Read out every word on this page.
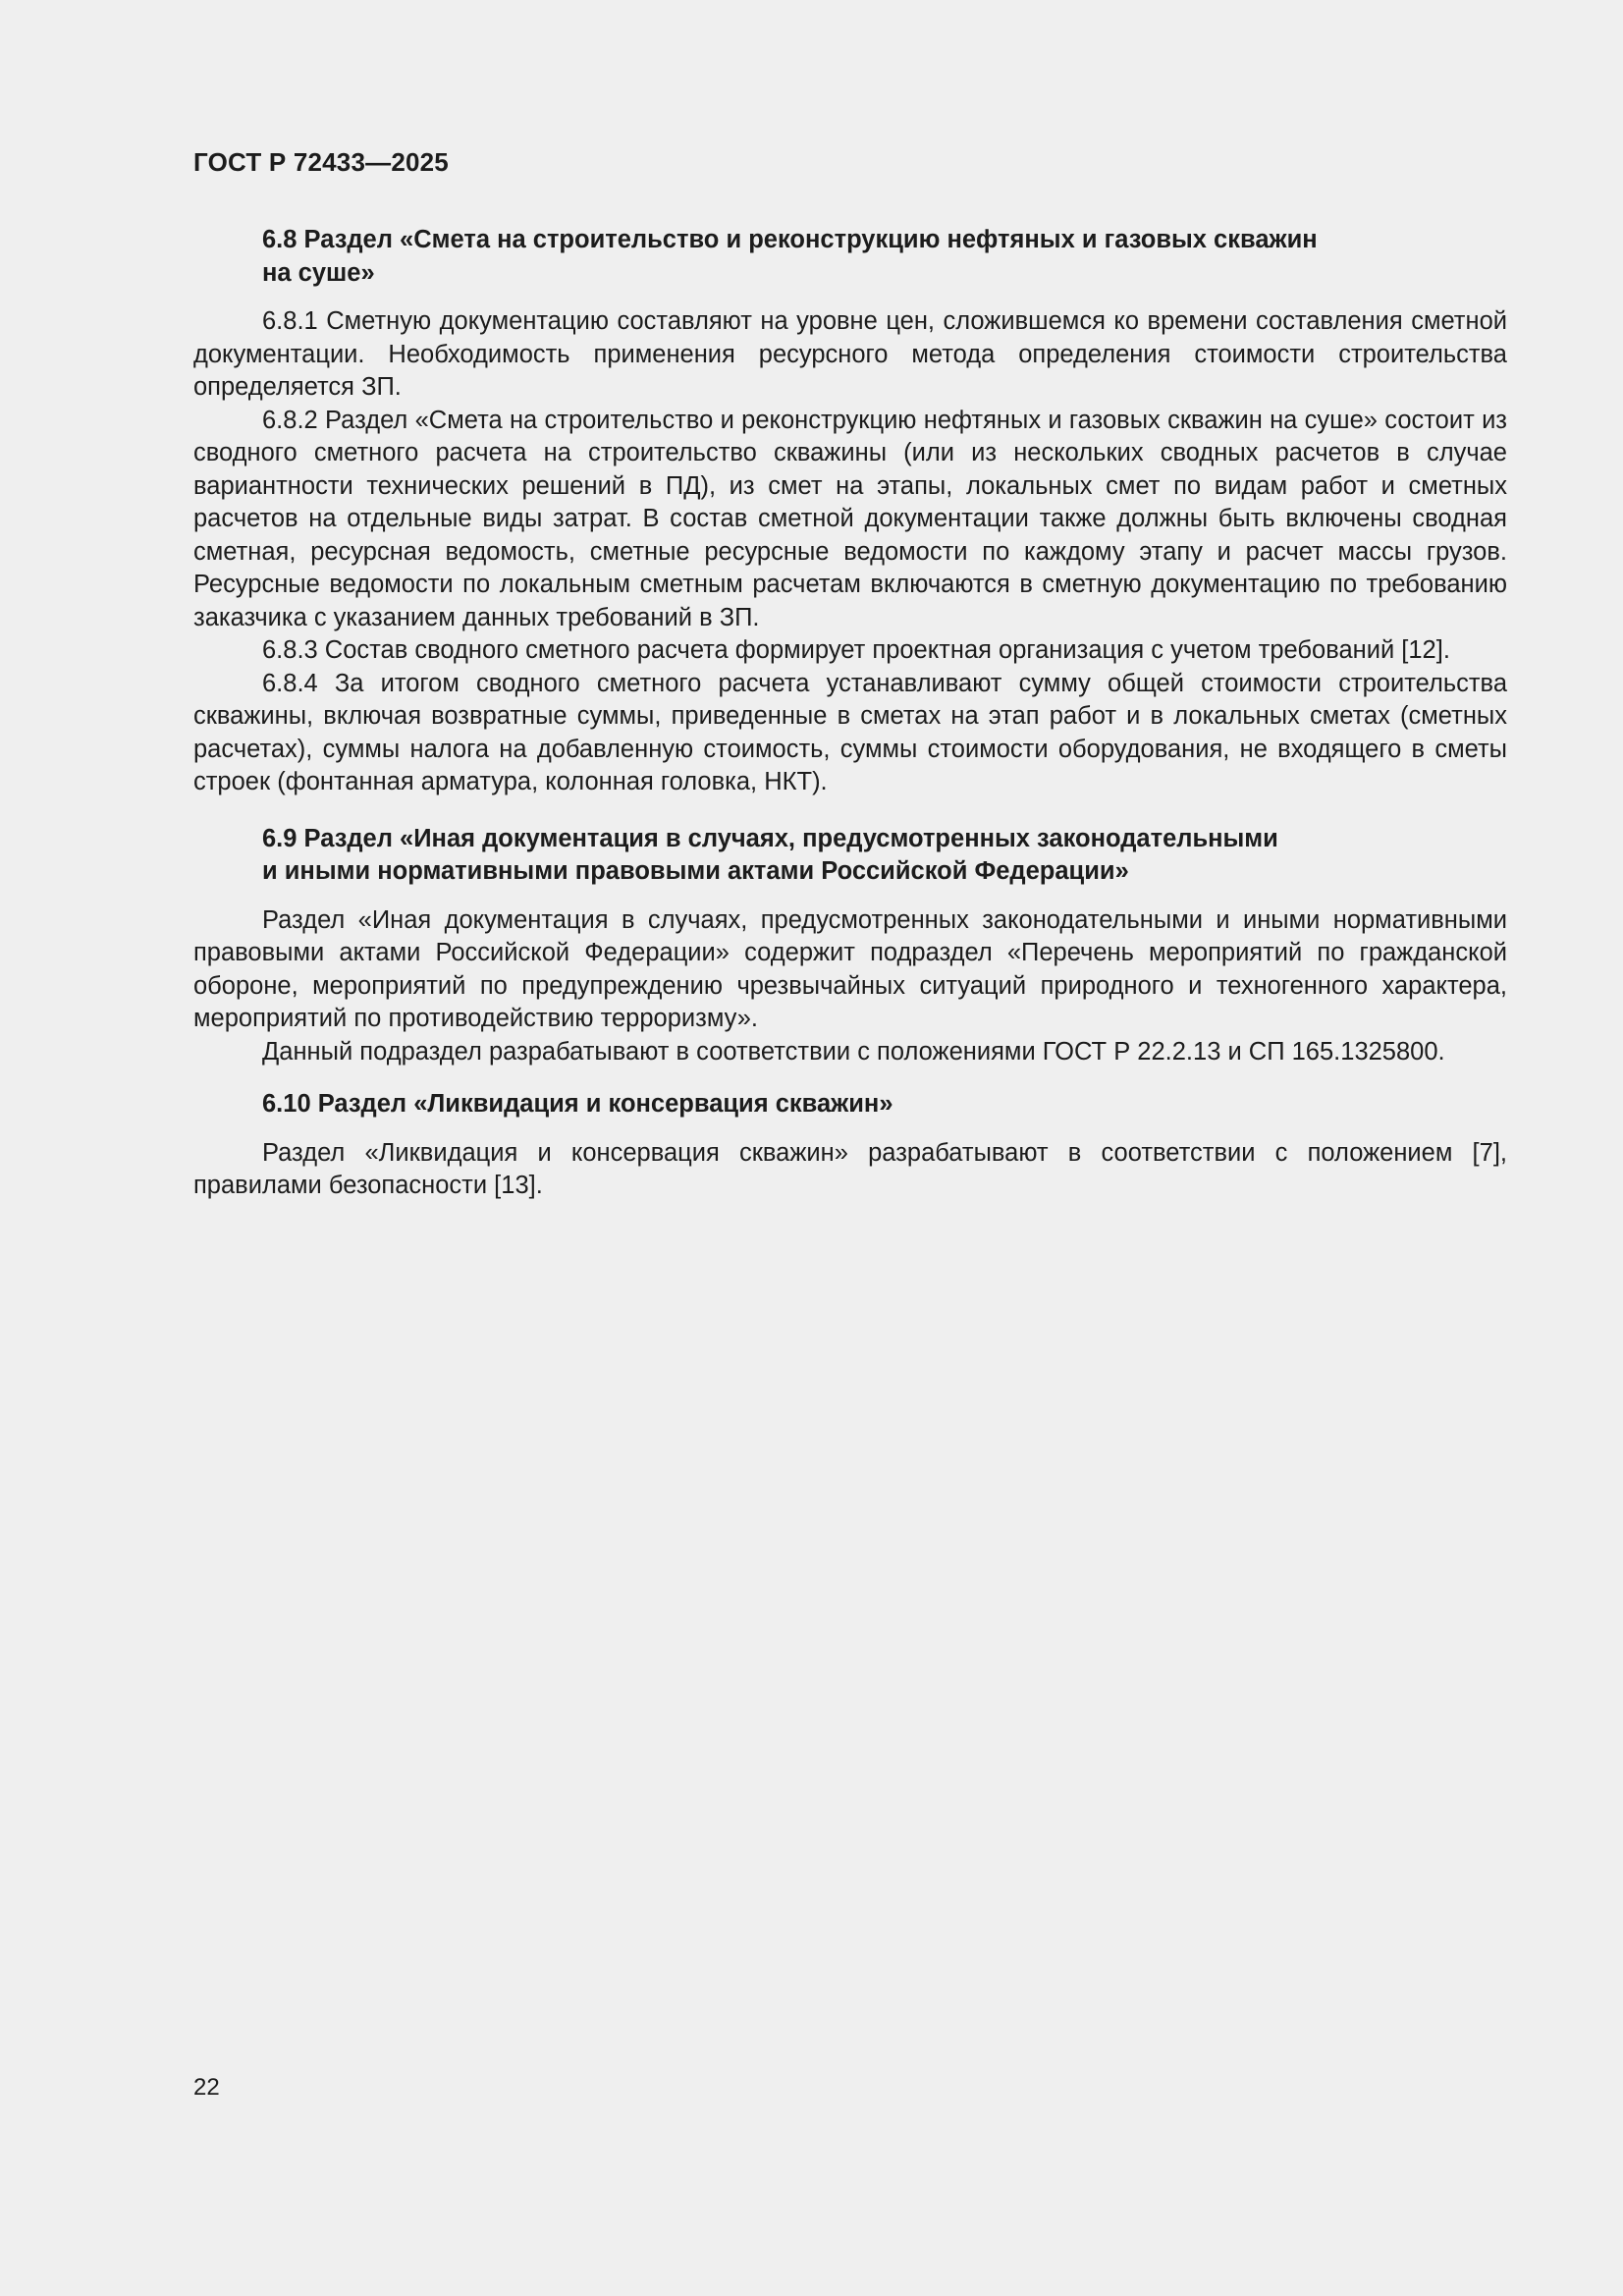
ГОСТ Р 72433—2025
6.8 Раздел «Смета на строительство и реконструкцию нефтяных и газовых скважин
на суше»

6.8.1 Сметную документацию составляют на уровне цен, сложившемся ко времени составления сметной документации. Необходимость применения ресурсного метода определения стоимости строительства определяется ЗП.

6.8.2 Раздел «Смета на строительство и реконструкцию нефтяных и газовых скважин на суше» состоит из сводного сметного расчета на строительство скважины (или из нескольких сводных расчетов в случае вариантности технических решений в ПД), из смет на этапы, локальных смет по видам работ и сметных расчетов на отдельные виды затрат. В состав сметной документации также должны быть включены сводная сметная, ресурсная ведомость, сметные ресурсные ведомости по каждому этапу и расчет массы грузов. Ресурсные ведомости по локальным сметным расчетам включаются в сметную документацию по требованию заказчика с указанием данных требований в ЗП.

6.8.3 Состав сводного сметного расчета формирует проектная организация с учетом требований [12].

6.8.4 За итогом сводного сметного расчета устанавливают сумму общей стоимости строительства скважины, включая возвратные суммы, приведенные в сметах на этап работ и в локальных сметах (сметных расчетах), суммы налога на добавленную стоимость, суммы стоимости оборудования, не входящего в сметы строек (фонтанная арматура, колонная головка, НКТ).

6.9 Раздел «Иная документация в случаях, предусмотренных законодательными
и иными нормативными правовыми актами Российской Федерации»

Раздел «Иная документация в случаях, предусмотренных законодательными и иными нормативными правовыми актами Российской Федерации» содержит подраздел «Перечень мероприятий по гражданской обороне, мероприятий по предупреждению чрезвычайных ситуаций природного и техногенного характера, мероприятий по противодействию терроризму».

Данный подраздел разрабатывают в соответствии с положениями ГОСТ Р 22.2.13 и СП 165.1325800.

6.10 Раздел «Ликвидация и консервация скважин»

Раздел «Ликвидация и консервация скважин» разрабатывают в соответствии с положением [7], правилами безопасности [13].

22
